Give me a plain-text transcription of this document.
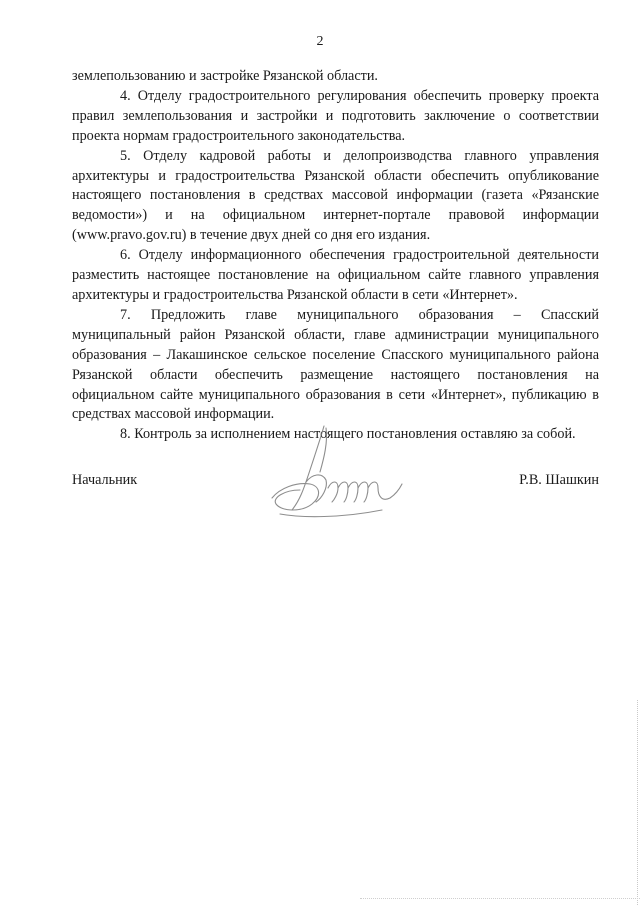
2

землепользованию и застройке Рязанской области.

4. Отделу градостроительного регулирования обеспечить проверку проекта правил землепользования и застройки и подготовить заключение о соответствии проекта нормам градостроительного законодательства.

5. Отделу кадровой работы и делопроизводства главного управления архитектуры и градостроительства Рязанской области обеспечить опубликование настоящего постановления в средствах массовой информации (газета «Рязанские ведомости») и на официальном интернет-портале правовой информации (www.pravo.gov.ru) в течение двух дней со дня его издания.

6. Отделу информационного обеспечения градостроительной деятельности разместить настоящее постановление на официальном сайте главного управления архитектуры и градостроительства Рязанской области в сети «Интернет».

7. Предложить главе муниципального образования – Спасский муниципальный район Рязанской области, главе администрации муниципального образования – Лакашинское сельское поселение Спасского муниципального района Рязанской области обеспечить размещение настоящего постановления на официальном сайте муниципального образования в сети «Интернет», публикацию в средствах массовой информации.

8. Контроль за исполнением настоящего постановления оставляю за собой.

Начальник	Р.В. Шашкин
